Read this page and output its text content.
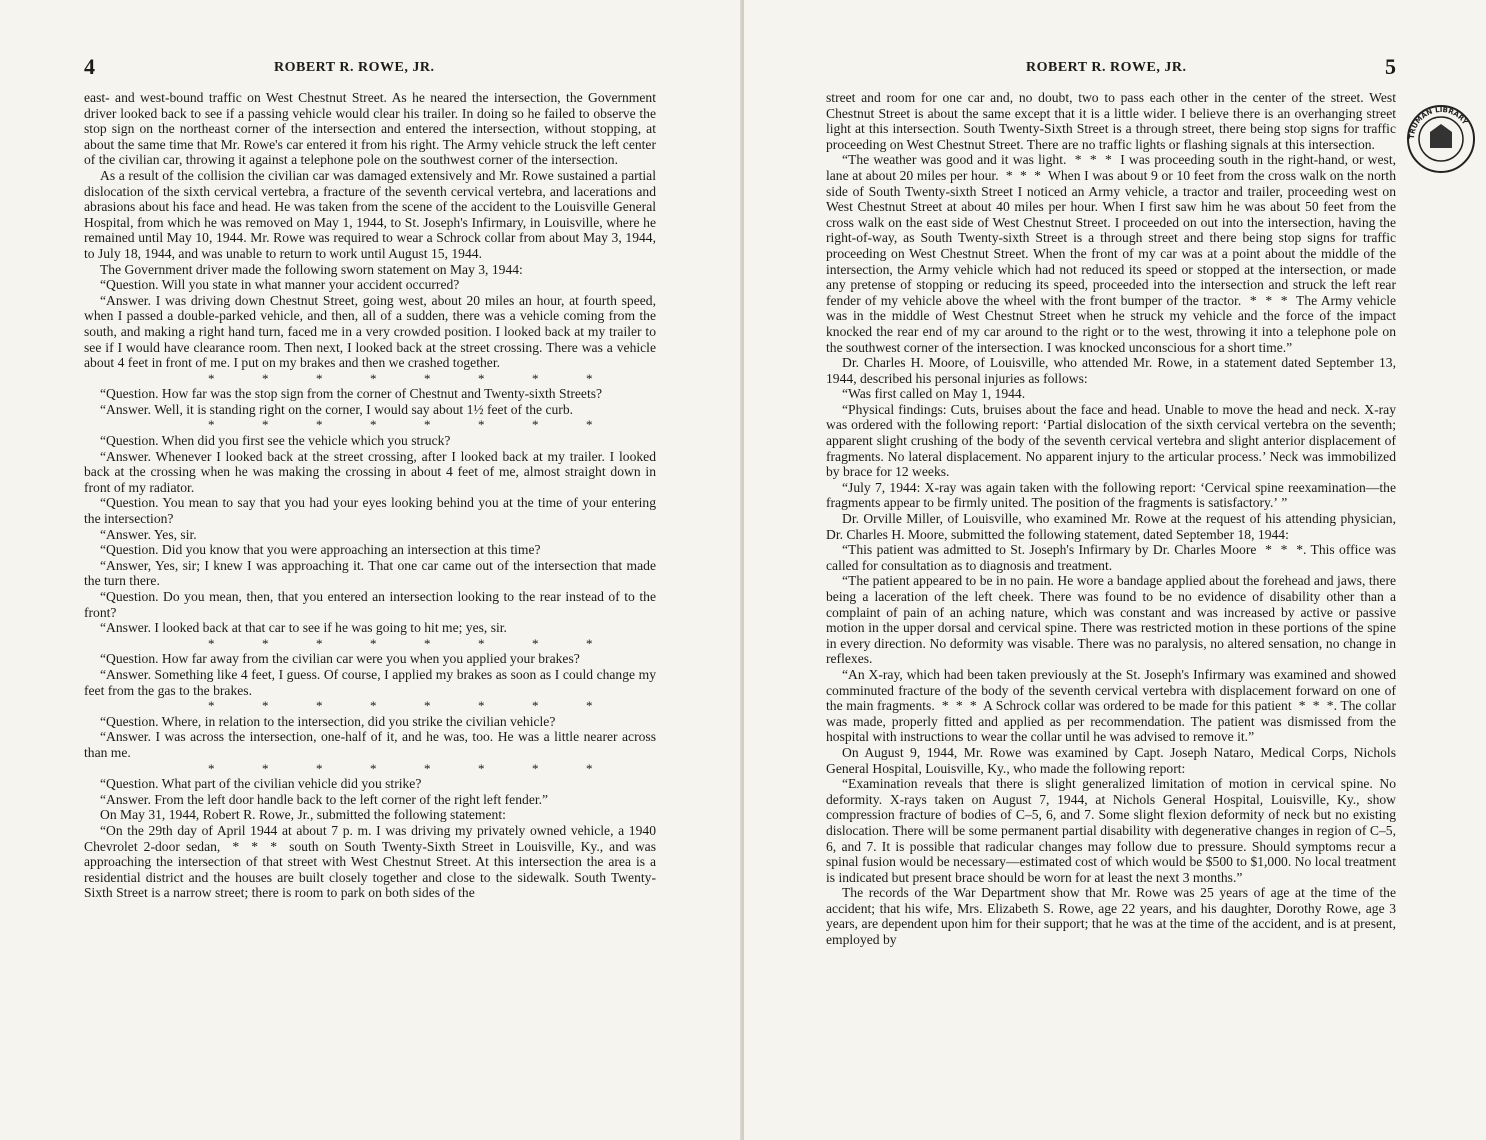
4	ROBERT R. ROWE, JR.

east- and west-bound traffic on West Chestnut Street. As he neared the intersection, the Government driver looked back to see if a passing vehicle would clear his trailer. In doing so he failed to observe the stop sign on the northeast corner of the intersection and entered the intersection, without stopping, at about the same time that Mr. Rowe's car entered it from his right. The Army vehicle struck the left center of the civilian car, throwing it against a telephone pole on the southwest corner of the intersection.

As a result of the collision the civilian car was damaged extensively and Mr. Rowe sustained a partial dislocation of the sixth cervical vertebra, a fracture of the seventh cervical vertebra, and lacerations and abrasions about his face and head. He was taken from the scene of the accident to the Louisville General Hospital, from which he was removed on May 1, 1944, to St. Joseph's Infirmary, in Louisville, where he remained until May 10, 1944. Mr. Rowe was required to wear a Schrock collar from about May 3, 1944, to July 18, 1944, and was unable to return to work until August 15, 1944.

The Government driver made the following sworn statement on May 3, 1944:

“Question. Will you state in what manner your accident occurred?

“Answer. I was driving down Chestnut Street, going west, about 20 miles an hour, at fourth speed, when I passed a double-parked vehicle, and then, all of a sudden, there was a vehicle coming from the south, and making a right hand turn, faced me in a very crowded position. I looked back at my trailer to see if I would have clearance room. Then next, I looked back at the street crossing. There was a vehicle about 4 feet in front of me. I put on my brakes and then we crashed together.

*	*	*	*	*	*	*	*

“Question. How far was the stop sign from the corner of Chestnut and Twenty-sixth Streets?

“Answer. Well, it is standing right on the corner, I would say about 1½ feet of the curb.

*	*	*	*	*	*	*	*

“Question. When did you first see the vehicle which you struck?

“Answer. Whenever I looked back at the street crossing, after I looked back at my trailer. I looked back at the crossing when he was making the crossing in about 4 feet of me, almost straight down in front of my radiator.

“Question. You mean to say that you had your eyes looking behind you at the time of your entering the intersection?

“Answer. Yes, sir.

“Question. Did you know that you were approaching an intersection at this time?

“Answer, Yes, sir; I knew I was approaching it. That one car came out of the intersection that made the turn there.

“Question. Do you mean, then, that you entered an intersection looking to the rear instead of to the front?

“Answer. I looked back at that car to see if he was going to hit me; yes, sir.

*	*	*	*	*	*	*	*

“Question. How far away from the civilian car were you when you applied your brakes?

“Answer. Something like 4 feet, I guess. Of course, I applied my brakes as soon as I could change my feet from the gas to the brakes.

*	*	*	*	*	*	*	*

“Question. Where, in relation to the intersection, did you strike the civilian vehicle?

“Answer. I was across the intersection, one-half of it, and he was, too. He was a little nearer across than me.

*	*	*	*	*	*	*	*

“Question. What part of the civilian vehicle did you strike?

“Answer. From the left door handle back to the left corner of the right left fender.”

On May 31, 1944, Robert R. Rowe, Jr., submitted the following statement:

“On the 29th day of April 1944 at about 7 p. m. I was driving my privately owned vehicle, a 1940 Chevrolet 2-door sedan,  *  *  *  south on South Twenty-Sixth Street in Louisville, Ky., and was approaching the intersection of that street with West Chestnut Street. At this intersection the area is a residential district and the houses are built closely together and close to the sidewalk. South Twenty-Sixth Street is a narrow street; there is room to park on both sides of the

ROBERT R. ROWE, JR.	5

street and room for one car and, no doubt, two to pass each other in the center of the street. West Chestnut Street is about the same except that it is a little wider. I believe there is an overhanging street light at this intersection. South Twenty-Sixth Street is a through street, there being stop signs for traffic proceeding on West Chestnut Street. There are no traffic lights or flashing signals at this intersection.

“The weather was good and it was light.  *  *  *  I was proceeding south in the right-hand, or west, lane at about 20 miles per hour.  *  *  *  When I was about 9 or 10 feet from the cross walk on the north side of South Twenty-sixth Street I noticed an Army vehicle, a tractor and trailer, proceeding west on West Chestnut Street at about 40 miles per hour. When I first saw him he was about 50 feet from the cross walk on the east side of West Chestnut Street. I proceeded on out into the intersection, having the right-of-way, as South Twenty-sixth Street is a through street and there being stop signs for traffic proceeding on West Chestnut Street. When the front of my car was at a point about the middle of the intersection, the Army vehicle which had not reduced its speed or stopped at the intersection, or made any pretense of stopping or reducing its speed, proceeded into the intersection and struck the left rear fender of my vehicle above the wheel with the front bumper of the tractor.  *  *  *  The Army vehicle was in the middle of West Chestnut Street when he struck my vehicle and the force of the impact knocked the rear end of my car around to the right or to the west, throwing it into a telephone pole on the southwest corner of the intersection. I was knocked unconscious for a short time.”

Dr. Charles H. Moore, of Louisville, who attended Mr. Rowe, in a statement dated September 13, 1944, described his personal injuries as follows:

“Was first called on May 1, 1944.

“Physical findings: Cuts, bruises about the face and head. Unable to move the head and neck. X-ray was ordered with the following report: ‘Partial dislocation of the sixth cervical vertebra on the seventh; apparent slight crushing of the body of the seventh cervical vertebra and slight anterior displacement of fragments. No lateral displacement. No apparent injury to the articular process.’ Neck was immobilized by brace for 12 weeks.

“July 7, 1944: X-ray was again taken with the following report: ‘Cervical spine reexamination—the fragments appear to be firmly united. The position of the fragments is satisfactory.’ ”

Dr. Orville Miller, of Louisville, who examined Mr. Rowe at the request of his attending physician, Dr. Charles H. Moore, submitted the following statement, dated September 18, 1944:

“This patient was admitted to St. Joseph's Infirmary by Dr. Charles Moore  *  *  *. This office was called for consultation as to diagnosis and treatment.

“The patient appeared to be in no pain. He wore a bandage applied about the forehead and jaws, there being a laceration of the left cheek. There was found to be no evidence of disability other than a complaint of pain of an aching nature, which was constant and was increased by active or passive motion in the upper dorsal and cervical spine. There was restricted motion in these portions of the spine in every direction. No deformity was visable. There was no paralysis, no altered sensation, no change in reflexes.

“An X-ray, which had been taken previously at the St. Joseph's Infirmary was examined and showed comminuted fracture of the body of the seventh cervical vertebra with displacement forward on one of the main fragments.  *  *  *  A Schrock collar was ordered to be made for this patient  *  *  *. The collar was made, properly fitted and applied as per recommendation. The patient was dismissed from the hospital with instructions to wear the collar until he was advised to remove it.”

On August 9, 1944, Mr. Rowe was examined by Capt. Joseph Nataro, Medical Corps, Nichols General Hospital, Louisville, Ky., who made the following report:

“Examination reveals that there is slight generalized limitation of motion in cervical spine. No deformity. X-rays taken on August 7, 1944, at Nichols General Hospital, Louisville, Ky., show compression fracture of bodies of C–5, 6, and 7. Some slight flexion deformity of neck but no existing dislocation. There will be some permanent partial disability with degenerative changes in region of C–5, 6, and 7. It is possible that radicular changes may follow due to pressure. Should symptoms recur a spinal fusion would be necessary—estimated cost of which would be $500 to $1,000. No local treatment is indicated but present brace should be worn for at least the next 3 months.”

The records of the War Department show that Mr. Rowe was 25 years of age at the time of the accident; that his wife, Mrs. Elizabeth S. Rowe, age 22 years, and his daughter, Dorothy Rowe, age 3 years, are dependent upon him for their support; that he was at the time of the accident, and is at present, employed by

TRUMAN LIBRARY
